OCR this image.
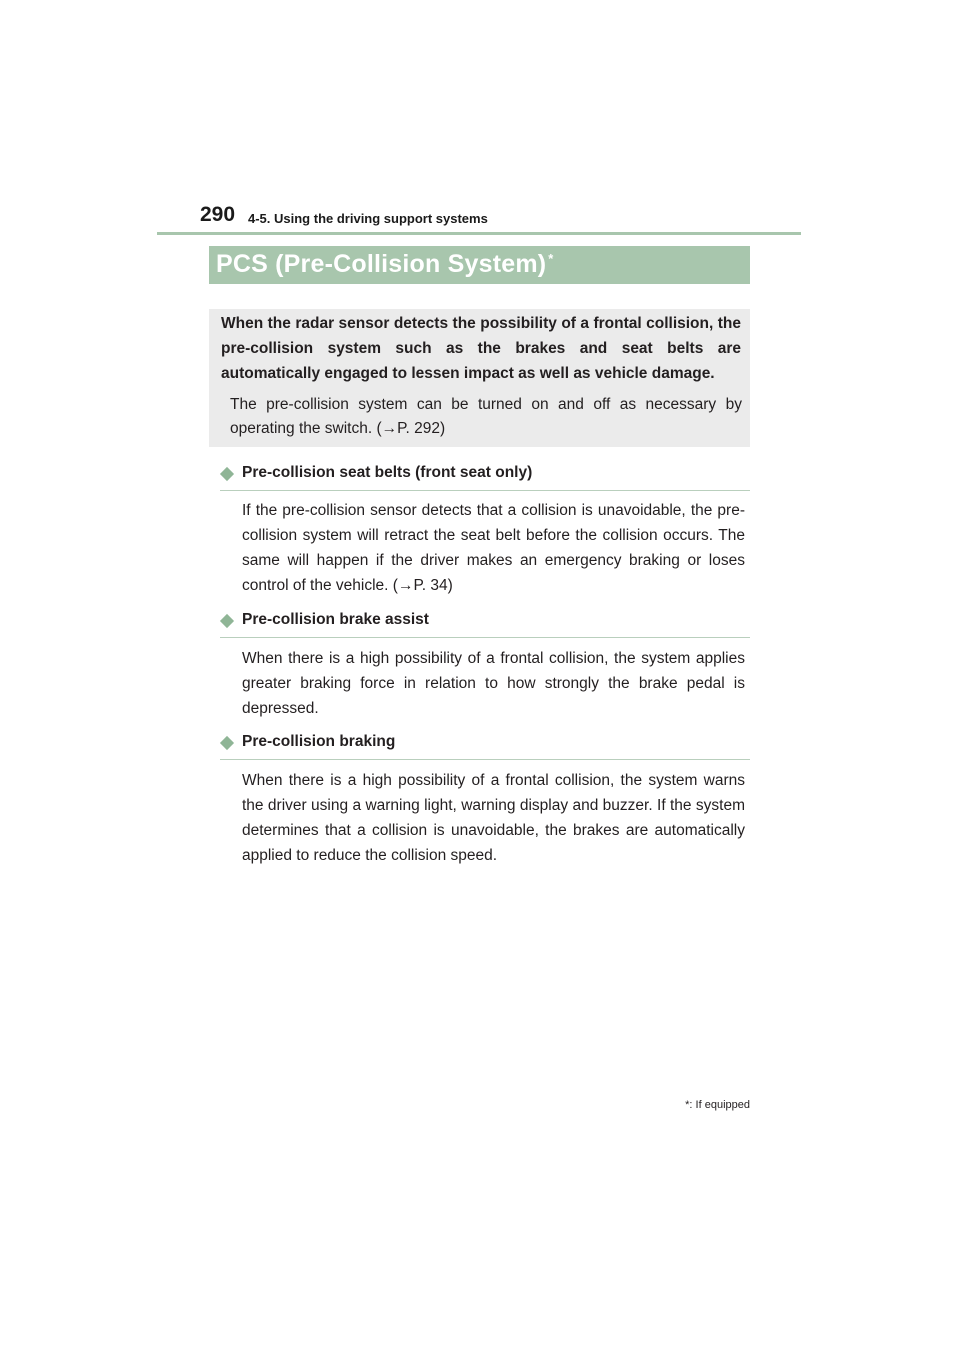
290 4-5. Using the driving support systems
PCS (Pre-Collision System) *
When the radar sensor detects the possibility of a frontal collision, the pre-collision system such as the brakes and seat belts are automatically engaged to lessen impact as well as vehicle damage.
The pre-collision system can be turned on and off as necessary by operating the switch. (→P. 292)
Pre-collision seat belts (front seat only)
If the pre-collision sensor detects that a collision is unavoidable, the pre-collision system will retract the seat belt before the collision occurs. The same will happen if the driver makes an emergency braking or loses control of the vehicle. (→P. 34)
Pre-collision brake assist
When there is a high possibility of a frontal collision, the system applies greater braking force in relation to how strongly the brake pedal is depressed.
Pre-collision braking
When there is a high possibility of a frontal collision, the system warns the driver using a warning light, warning display and buzzer. If the system determines that a collision is unavoidable, the brakes are automatically applied to reduce the collision speed.
*: If equipped
